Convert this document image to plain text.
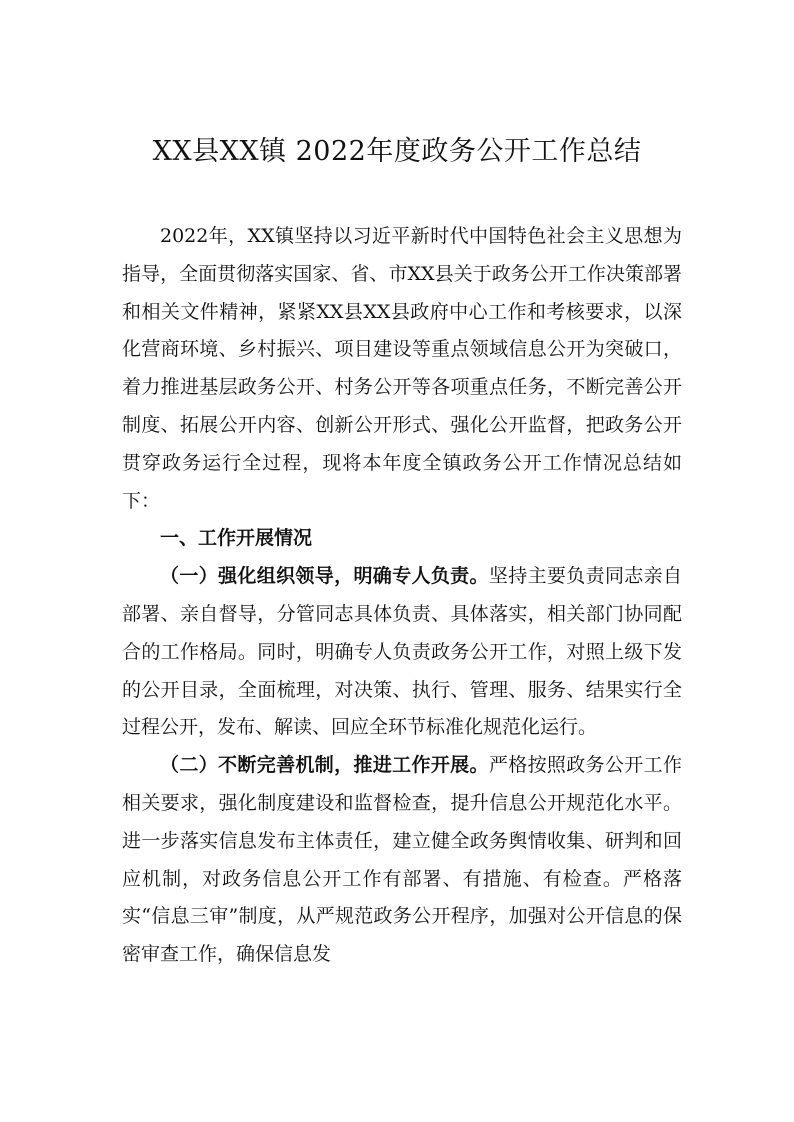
XX县XX镇 2022年度政务公开工作总结

2022年，XX镇坚持以习近平新时代中国特色社会主义思想为指导，全面贯彻落实国家、省、市XX县关于政务公开工作决策部署和相关文件精神，紧紧XX县XX县政府中心工作和考核要求，以深化营商环境、乡村振兴、项目建设等重点领域信息公开为突破口，着力推进基层政务公开、村务公开等各项重点任务，不断完善公开制度、拓展公开内容、创新公开形式、强化公开监督，把政务公开贯穿政务运行全过程，现将本年度全镇政务公开工作情况总结如下：

一、工作开展情况

（一）强化组织领导，明确专人负责。坚持主要负责同志亲自部署、亲自督导，分管同志具体负责、具体落实，相关部门协同配合的工作格局。同时，明确专人负责政务公开工作，对照上级下发的公开目录，全面梳理，对决策、执行、管理、服务、结果实行全过程公开，发布、解读、回应全环节标准化规范化运行。

（二）不断完善机制，推进工作开展。严格按照政务公开工作相关要求，强化制度建设和监督检查，提升信息公开规范化水平。进一步落实信息发布主体责任，建立健全政务舆情收集、研判和回应机制，对政务信息公开工作有部署、有措施、有检查。严格落实“信息三审”制度，从严规范政务公开程序，加强对公开信息的保密审查工作，确保信息发
